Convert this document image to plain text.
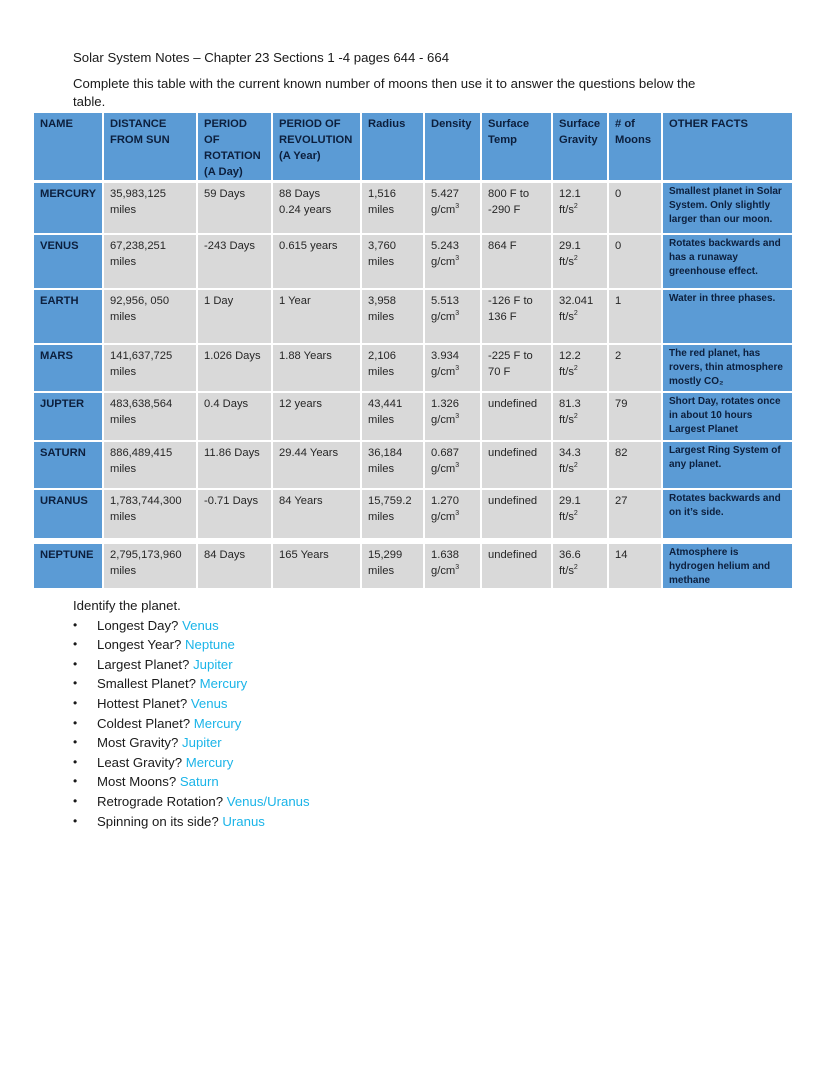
Solar System Notes – Chapter 23 Sections 1 -4 pages 644 - 664
Complete this table with the current known number of moons then use it to answer the questions below the
table.
NAME	DISTANCE
FROM SUN	PERIOD OF
ROTATION
(A Day)	PERIOD OF
REVOLUTION
(A Year)	Radius	Density	Surface
Temp	Surface
Gravity	# of
Moons	OTHER FACTS
MERCURY	35,983,125
miles	59 Days	88 Days
0.24 years	1,516
miles	5.427
$g/cm^3$	800 F to
-290 F	12.1
$ft/s^2$	0	Smallest planet in Solar System. Only slightly larger than our moon.
VENUS	67,238,251
miles	-243 Days	0.615 years	3,760
miles	5.243
$g/cm^3$	864 F	29.1
$ft/s^2$	0	Rotates backwards and has a runaway greenhouse effect.
EARTH	92,956, 050
miles	1 Day	1 Year	3,958
miles	5.513
$g/cm^3$	-126 F to
136 F	32.041
$ft/s^2$	1	Water in three phases.
MARS	141,637,725
miles	1.026 Days	1.88 Years	2,106
miles	3.934
$g/cm^3$	-225 F to
70 F	12.2
$ft/s^2$	2	The red planet, has rovers, thin atmosphere mostly CO₂
JUPTER	483,638,564
miles	0.4 Days	12 years	43,441
miles	1.326
$g/cm^3$	undefined	81.3
$ft/s^2$	79	Short Day, rotates once in about 10 hours
Largest Planet
SATURN	886,489,415
miles	11.86 Days	29.44 Years	36,184
miles	0.687
$g/cm^3$	undefined	34.3
$ft/s^2$	82	Largest Ring System of any planet.
URANUS	1,783,744,300
miles	-0.71 Days	84 Years	15,759.2
miles	1.270
$g/cm^3$	undefined	29.1
$ft/s^2$	27	Rotates backwards and on it’s side.
NEPTUNE	2,795,173,960
miles	84 Days	165 Years	15,299
miles	1.638
$g/cm^3$	undefined	36.6
$ft/s^2$	14	Atmosphere is hydrogen helium and methane

Identify the planet.

• Longest Day? Venus
• Longest Year? Neptune
• Largest Planet? Jupiter
• Smallest Planet? Mercury
• Hottest Planet? Venus
• Coldest Planet? Mercury
• Most Gravity? Jupiter
• Least Gravity? Mercury
• Most Moons? Saturn
• Retrograde Rotation? Venus/Uranus
• Spinning on its side? Uranus
